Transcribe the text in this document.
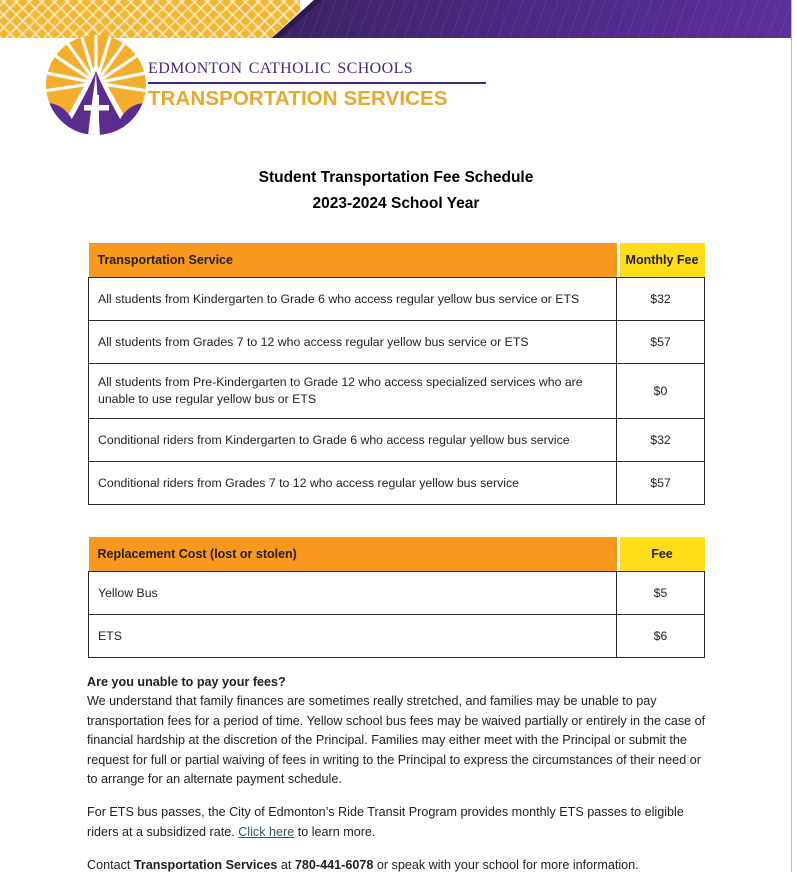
edmonton catholic schools
TRANSPORTATION SERVICES
Student Transportation Fee Schedule
2023-2024 School Year
Transportation Service	Monthly Fee

All students from Kindergarten to Grade 6 who access regular yellow bus service or ETS	$32
All students from Grades 7 to 12 who access regular yellow bus service or ETS	$57
All students from Pre-Kindergarten to Grade 12 who access specialized services who are unable to use regular yellow bus or ETS	$0
Conditional riders from Kindergarten to Grade 6 who access regular yellow bus service	$32
Conditional riders from Grades 7 to 12 who access regular yellow bus service	$57
Replacement Cost (lost or stolen)	Fee

Yellow Bus	$5
ETS	$6

Are you unable to pay your fees?

We understand that family finances are sometimes really stretched, and families may be unable to pay transportation fees for a period of time. Yellow school bus fees may be waived partially or entirely in the case of financial hardship at the discretion of the Principal. Families may either meet with the Principal or submit the request for full or partial waiving of fees in writing to the Principal to express the circumstances of their need or to arrange for an alternate payment schedule.

For ETS bus passes, the City of Edmonton’s Ride Transit Program provides monthly ETS passes to eligible riders at a subsidized rate. Click here to learn more.

Contact Transportation Services at 780-441-6078 or speak with your school for more information.
